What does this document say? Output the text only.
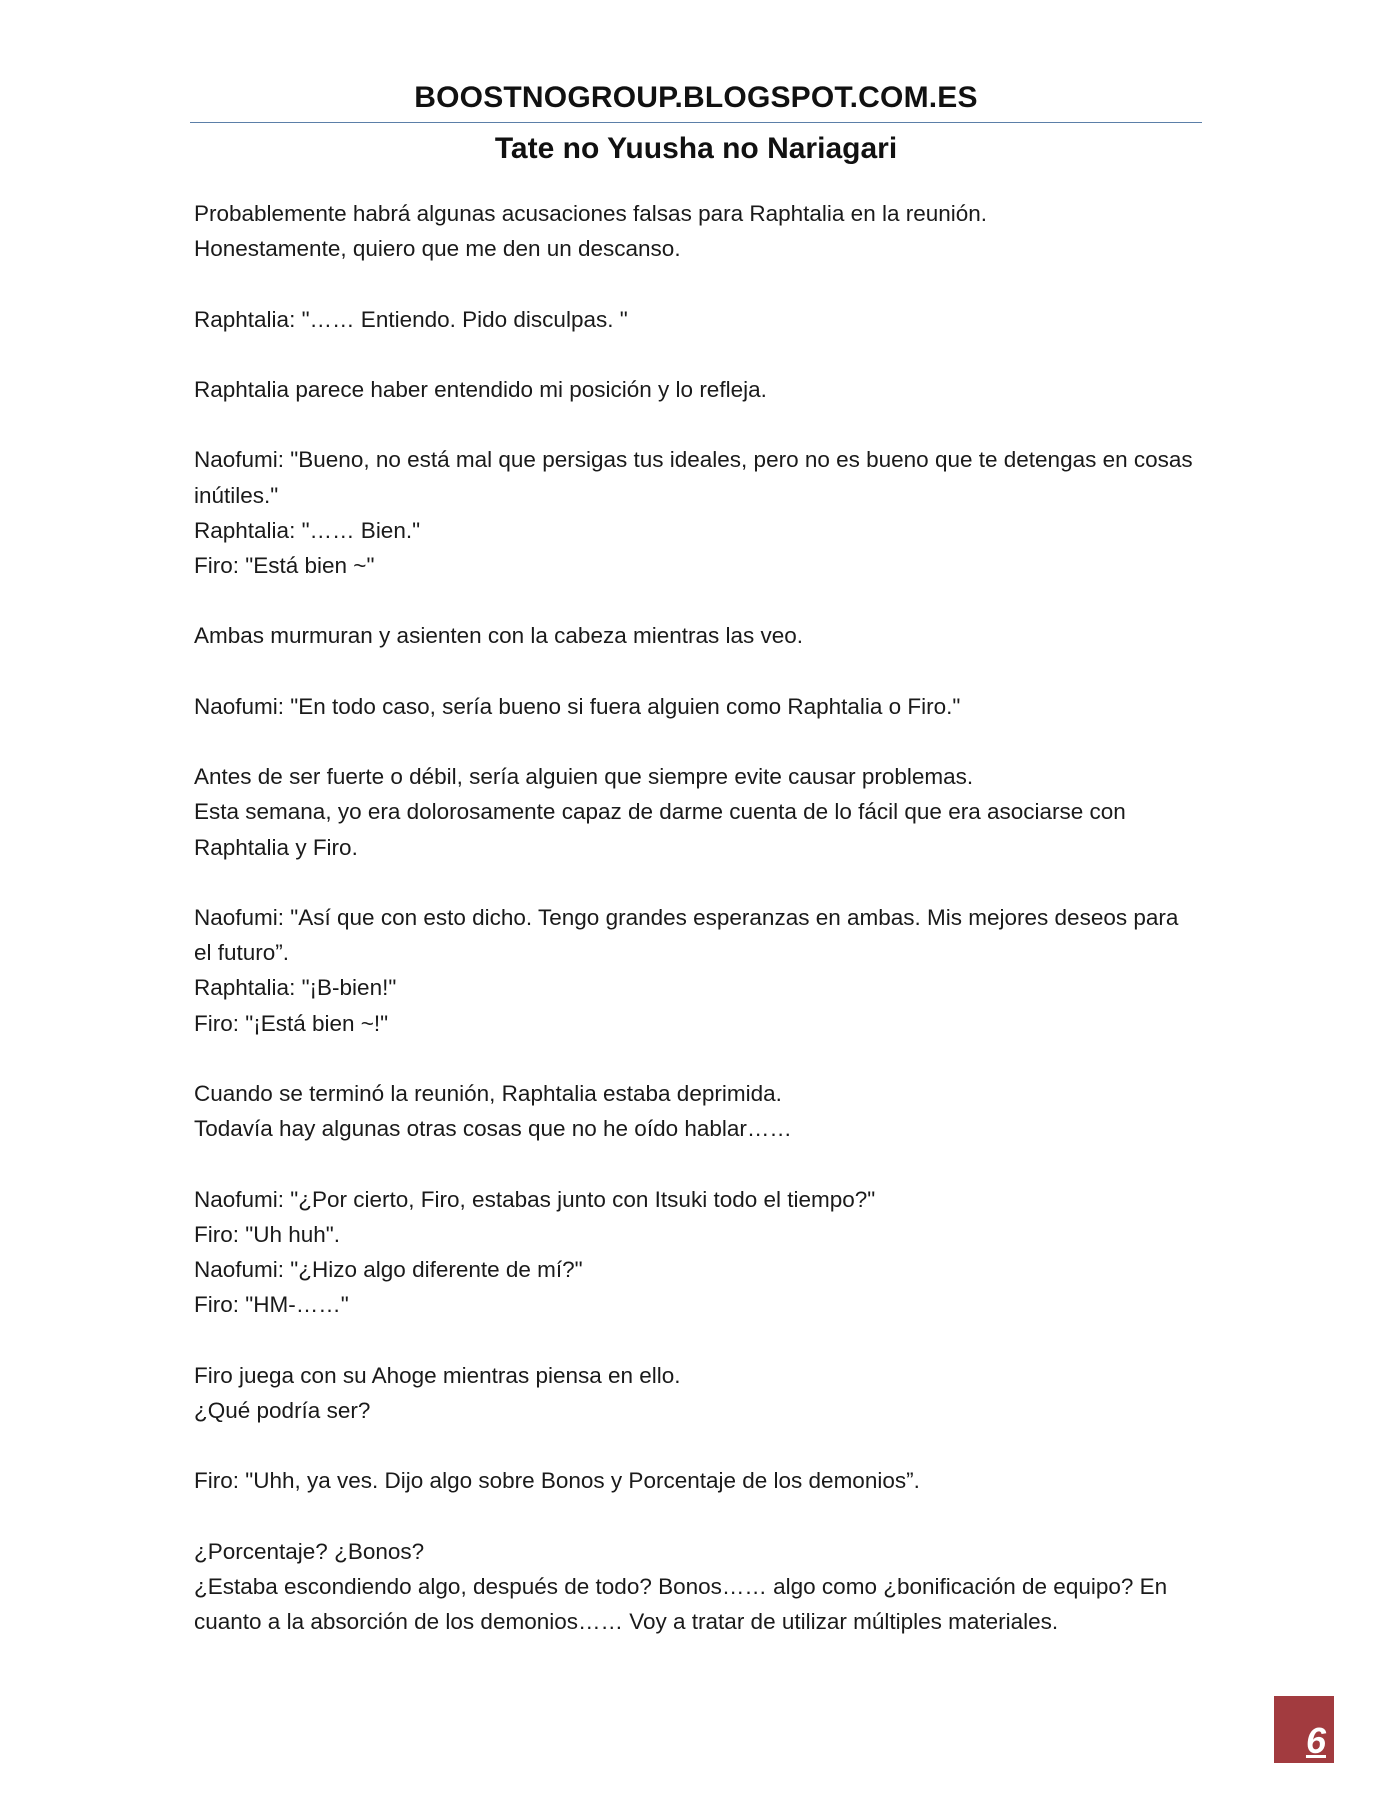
BOOSTNOGROUP.BLOGSPOT.COM.ES
Tate no Yuusha no Nariagari
Probablemente habrá algunas acusaciones falsas para Raphtalia en la reunión.
Honestamente, quiero que me den un descanso.
Raphtalia: "…… Entiendo. Pido disculpas. "
Raphtalia parece haber entendido mi posición y lo refleja.
Naofumi: "Bueno, no está mal que persigas tus ideales, pero no es bueno que te detengas en cosas
inútiles."
Raphtalia: "…… Bien."
Firo: "Está bien ~"
Ambas murmuran y asienten con la cabeza mientras las veo.
Naofumi: "En todo caso, sería bueno si fuera alguien como Raphtalia o Firo."
Antes de ser fuerte o débil, sería alguien que siempre evite causar problemas.
Esta semana, yo era dolorosamente capaz de darme cuenta de lo fácil que era asociarse con
Raphtalia y Firo.
Naofumi: "Así que con esto dicho. Tengo grandes esperanzas en ambas. Mis mejores deseos para
el futuro”.
Raphtalia: "¡B-bien!"
Firo: "¡Está bien ~!"
Cuando se terminó la reunión, Raphtalia estaba deprimida.
Todavía hay algunas otras cosas que no he oído hablar……
Naofumi: "¿Por cierto, Firo, estabas junto con Itsuki todo el tiempo?"
Firo: "Uh huh".
Naofumi: "¿Hizo algo diferente de mí?"
Firo: "HM-……"
Firo juega con su Ahoge mientras piensa en ello.
¿Qué podría ser?
Firo: "Uhh, ya ves. Dijo algo sobre Bonos y Porcentaje de los demonios”.
¿Porcentaje? ¿Bonos?
¿Estaba escondiendo algo, después de todo? Bonos…… algo como ¿bonificación de equipo? En
cuanto a la absorción de los demonios…… Voy a tratar de utilizar múltiples materiales.
6
